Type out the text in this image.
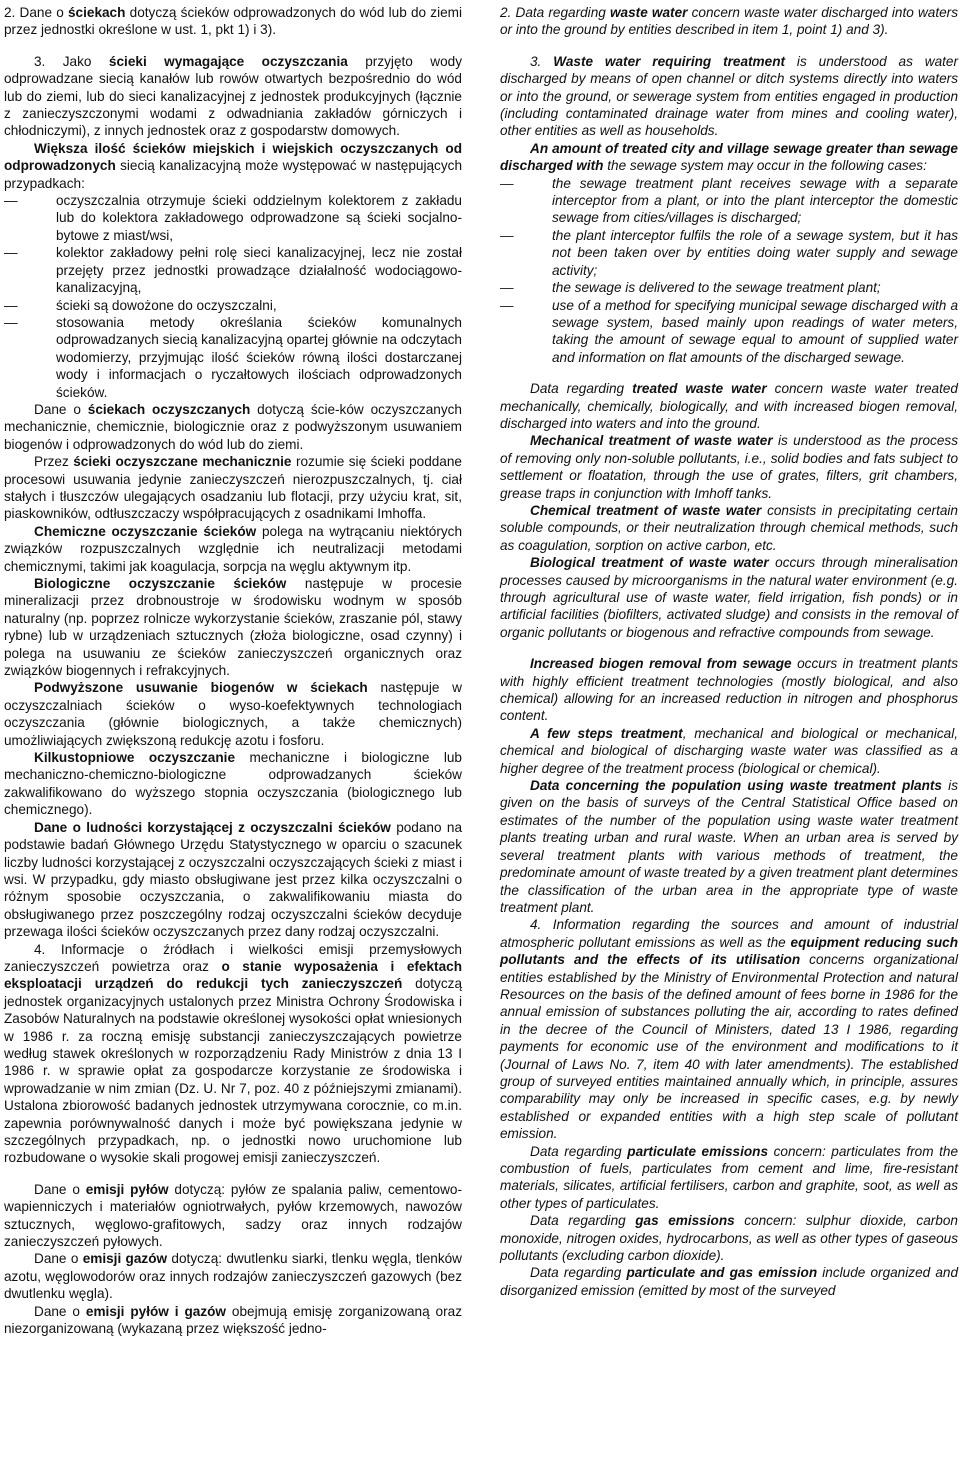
2. Dane o ściekach dotyczą ścieków odprowadzonych do wód lub do ziemi przez jednostki określone w ust. 1, pkt 1) i 3).

3. Jako ścieki wymagające oczyszczania przyjęto wody odprowadzane siecią kanałów lub rowów otwartych bezpośrednio do wód lub do ziemi, lub do sieci kanalizacyjnej z jednostek produkcyjnych (łącznie z zanieczyszczonymi wodami z odwadniania zakładów górniczych i chłodniczymi), z innych jednostek oraz z gospodarstw domowych.

Większa ilość ścieków miejskich i wiejskich oczyszczanych od odprowadzonych siecią kanalizacyjną może występować w następujących przypadkach:

— oczyszczalnia otrzymuje ścieki oddzielnym kolektorem z zakładu lub do kolektora zakładowego odprowadzone są ścieki socjalno-bytowe z miast/wsi,

— kolektor zakładowy pełni rolę sieci kanalizacyjnej, lecz nie został przejęty przez jednostki prowadzące działalność wodociągowo-kanalizacyjną,

— ścieki są dowożone do oczyszczalni,

— stosowania metody określania ścieków komunalnych odprowadzanych siecią kanalizacyjną opartej głównie na odczytach wodomierzy, przyjmując ilość ścieków równą ilości dostarczanej wody i informacjach o ryczałtowych ilościach odprowadzonych ścieków.

Dane o ściekach oczyszczanych dotyczą ście-ków oczyszczanych mechanicznie, chemicznie, biologicznie oraz z podwyższonym usuwaniem biogenów i odprowadzonych do wód lub do ziemi.

Przez ścieki oczyszczane mechanicznie rozumie się ścieki poddane procesowi usuwania jedynie zanieczyszczeń nierozpuszczalnych, tj. ciał stałych i tłuszczów ulegających osadzaniu lub flotacji, przy użyciu krat, sit, piaskowników, odtłuszczaczy współpracujących z osadnikami Imhoffa.

Chemiczne oczyszczanie ścieków polega na wytrącaniu niektórych związków rozpuszczalnych względnie ich neutralizacji metodami chemicznymi, takimi jak koagulacja, sorpcja na węglu aktywnym itp.

Biologiczne oczyszczanie ścieków następuje w procesie mineralizacji przez drobnoustroje w środowisku wodnym w sposób naturalny (np. poprzez rolnicze wykorzystanie ścieków, zraszanie pól, stawy rybne) lub w urządzeniach sztucznych (złoża biologiczne, osad czynny) i polega na usuwaniu ze ścieków zanieczyszczeń organicznych oraz związków biogennych i refrakcyjnych.

Podwyższone usuwanie biogenów w ściekach następuje w oczyszczalniach ścieków o wyso-koefektywnych technologiach oczyszczania (głównie biologicznych, a także chemicznych) umożliwiających zwiększoną redukcję azotu i fosforu.

Kilkustopniowe oczyszczanie mechaniczne i biologiczne lub mechaniczno-chemiczno-biologiczne odprowadzanych ścieków zakwalifikowano do wyższego stopnia oczyszczania (biologicznego lub chemicznego).

Dane o ludności korzystającej z oczyszczalni ścieków podano na podstawie badań Głównego Urzędu Statystycznego w oparciu o szacunek liczby ludności korzystającej z oczyszczalni oczyszczających ścieki z miast i wsi. W przypadku, gdy miasto obsługiwane jest przez kilka oczyszczalni o różnym sposobie oczyszczania, o zakwalifikowaniu miasta do obsługiwanego przez poszczególny rodzaj oczyszczalni ścieków decyduje przewaga ilości ścieków oczyszczanych przez dany rodzaj oczyszczalni.

4. Informacje o źródłach i wielkości emisji przemysłowych zanieczyszczeń powietrza oraz o stanie wyposażenia i efektach eksploatacji urządzeń do redukcji tych zanieczyszczeń dotyczą jednostek organizacyjnych ustalonych przez Ministra Ochrony Środowiska i Zasobów Naturalnych na podstawie określonej wysokości opłat wniesionych w 1986 r. za roczną emisję substancji zanieczyszczających powietrze według stawek określonych w rozporządzeniu Rady Ministrów z dnia 13 I 1986 r. w sprawie opłat za gospodarcze korzystanie ze środowiska i wprowadzanie w nim zmian (Dz. U. Nr 7, poz. 40 z późniejszymi zmianami). Ustalona zbiorowość badanych jednostek utrzymywana corocznie, co m.in. zapewnia porównywalność danych i może być powiększana jedynie w szczególnych przypadkach, np. o jednostki nowo uruchomione lub rozbudowane o wysokie skali progowej emisji zanieczyszczeń.

Dane o emisji pyłów dotyczą: pyłów ze spalania paliw, cementowo-wapienniczych i materiałów ogniotrwałych, pyłów krzemowych, nawozów sztucznych, węglowo-grafitowych, sadzy oraz innych rodzajów zanieczyszczeń pyłowych.

Dane o emisji gazów dotyczą: dwutlenku siarki, tlenku węgla, tlenków azotu, węglowodorów oraz innych rodzajów zanieczyszczeń gazowych (bez dwutlenku węgla).

Dane o emisji pyłów i gazów obejmują emisję zorganizowaną oraz niezorganizowaną (wykazaną przez większość jedno-

2. Data regarding waste water concern waste water discharged into waters or into the ground by entities described in item 1, point 1) and 3).

3. Waste water requiring treatment is understood as water discharged by means of open channel or ditch systems directly into waters or into the ground, or sewerage system from entities engaged in production (including contaminated drainage water from mines and cooling water), other entities as well as households.

An amount of treated city and village sewage greater than sewage discharged with the sewage system may occur in the following cases:

— the sewage treatment plant receives sewage with a separate interceptor from a plant, or into the plant interceptor the domestic sewage from cities/villages is discharged;

— the plant interceptor fulfils the role of a sewage system, but it has not been taken over by entities doing water supply and sewage activity;

— the sewage is delivered to the sewage treatment plant;

— use of a method for specifying municipal sewage discharged with a sewage system, based mainly upon readings of water meters, taking the amount of sewage equal to amount of supplied water and information on flat amounts of the discharged sewage.

Data regarding treated waste water concern waste water treated mechanically, chemically, biologically, and with increased biogen removal, discharged into waters and into the ground.

Mechanical treatment of waste water is understood as the process of removing only non-soluble pollutants, i.e., solid bodies and fats subject to settlement or floatation, through the use of grates, filters, grit chambers, grease traps in conjunction with Imhoff tanks.

Chemical treatment of waste water consists in precipitating certain soluble compounds, or their neutralization through chemical methods, such as coagulation, sorption on active carbon, etc.

Biological treatment of waste water occurs through mineralisation processes caused by microorganisms in the natural water environment (e.g. through agricultural use of waste water, field irrigation, fish ponds) or in artificial facilities (biofilters, activated sludge) and consists in the removal of organic pollutants or biogenous and refractive compounds from sewage.

Increased biogen removal from sewage occurs in treatment plants with highly efficient treatment technologies (mostly biological, and also chemical) allowing for an increased reduction in nitrogen and phosphorus content.

A few steps treatment, mechanical and biological or mechanical, chemical and biological of discharging waste water was classified as a higher degree of the treatment process (biological or chemical).

Data concerning the population using waste treatment plants is given on the basis of surveys of the Central Statistical Office based on estimates of the number of the population using waste water treatment plants treating urban and rural waste. When an urban area is served by several treatment plants with various methods of treatment, the predominate amount of waste treated by a given treatment plant determines the classification of the urban area in the appropriate type of waste treatment plant.

4. Information regarding the sources and amount of industrial atmospheric pollutant emissions as well as the equipment reducing such pollutants and the effects of its utilisation concerns organizational entities established by the Ministry of Environmental Protection and natural Resources on the basis of the defined amount of fees borne in 1986 for the annual emission of substances polluting the air, according to rates defined in the decree of the Council of Ministers, dated 13 I 1986, regarding payments for economic use of the environment and modifications to it (Journal of Laws No. 7, item 40 with later amendments). The established group of surveyed entities maintained annually which, in principle, assures comparability may only be increased in specific cases, e.g. by newly established or expanded entities with a high step scale of pollutant emission.

Data regarding particulate emissions concern: particulates from the combustion of fuels, particulates from cement and lime, fire-resistant materials, silicates, artificial fertilisers, carbon and graphite, soot, as well as other types of particulates.

Data regarding gas emissions concern: sulphur dioxide, carbon monoxide, nitrogen oxides, hydrocarbons, as well as other types of gaseous pollutants (excluding carbon dioxide).

Data regarding particulate and gas emission include organized and disorganized emission (emitted by most of the surveyed
